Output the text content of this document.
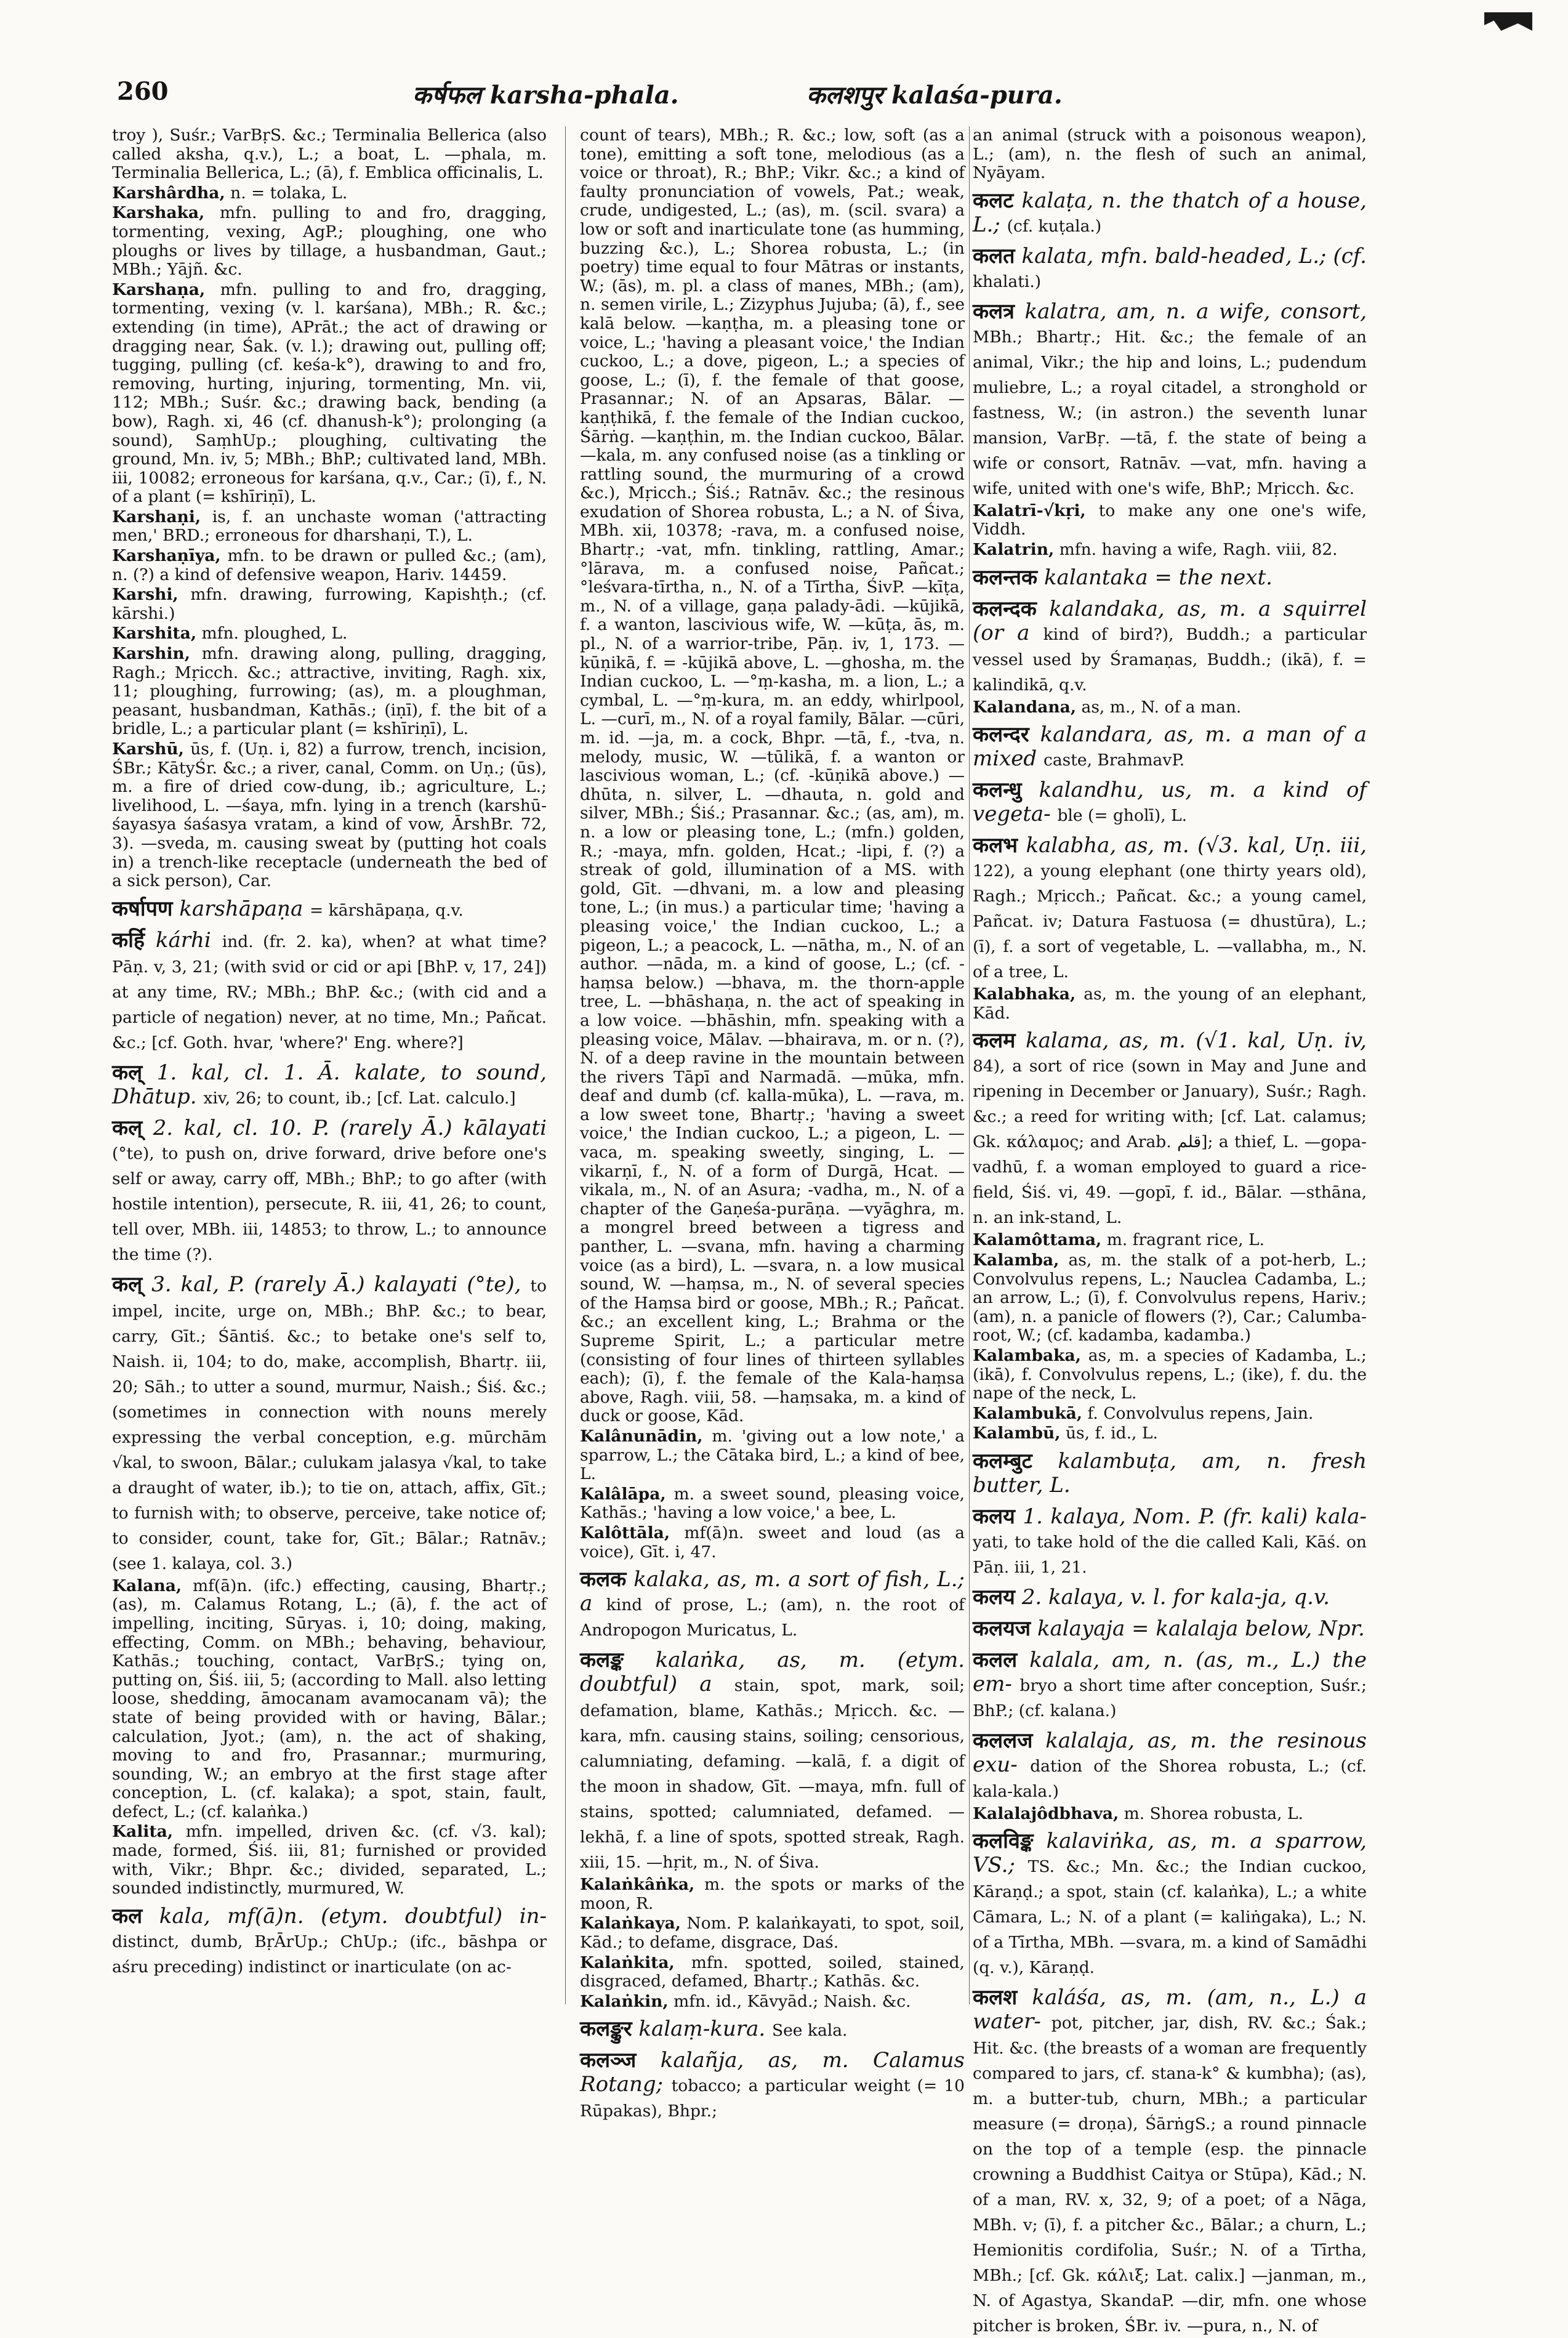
260	कर्षफल karsha-phala.	कलशपुर kalaśa-pura.

troy ), Suśr.; VarBṛS. &c.; Terminalia Bellerica (also called aksha, q.v.), L.; a boat, L. —phala, m. Terminalia Bellerica, L.; (ā), f. Emblica officinalis, L.

Karshârdha, n. = tolaka, L.

Karshaka, mfn. pulling to and fro, dragging, tormenting, vexing, AgP.; ploughing, one who ploughs or lives by tillage, a husbandman, Gaut.; MBh.; Yājñ. &c.

Karshaṇa, mfn. pulling to and fro, dragging, tormenting, vexing (v. l. karśana), MBh.; R. &c.; extending (in time), APrāt.; the act of drawing or dragging near, Śak. (v. l.); drawing out, pulling off; tugging, pulling (cf. keśa-k°), drawing to and fro, removing, hurting, injuring, tormenting, Mn. vii, 112; MBh.; Suśr. &c.; drawing back, bending (a bow), Ragh. xi, 46 (cf. dhanush-k°); prolonging (a sound), SaṃhUp.; ploughing, cultivating the ground, Mn. iv, 5; MBh.; BhP.; cultivated land, MBh. iii, 10082; erroneous for karśana, q.v., Car.; (ī), f., N. of a plant (= kshīriṇī), L.

Karshaṇi, is, f. an unchaste woman ('attracting men,' BRD.; erroneous for dharshaṇi, T.), L.

Karshaṇīya, mfn. to be drawn or pulled &c.; (am), n. (?) a kind of defensive weapon, Hariv. 14459.

Karshi, mfn. drawing, furrowing, Kapishṭh.; (cf. kārshi.)

Karshita, mfn. ploughed, L.

Karshin, mfn. drawing along, pulling, dragging, Ragh.; Mṛicch. &c.; attractive, inviting, Ragh. xix, 11; ploughing, furrowing; (as), m. a ploughman, peasant, husbandman, Kathās.; (iṇī), f. the bit of a bridle, L.; a particular plant (= kshīriṇī), L.

Karshū, ūs, f. (Uṇ. i, 82) a furrow, trench, incision, ŚBr.; KātyŚr. &c.; a river, canal, Comm. on Uṇ.; (ūs), m. a fire of dried cow-dung, ib.; agriculture, L.; livelihood, L. —śaya, mfn. lying in a trench (karshū-śayasya śaśasya vratam, a kind of vow, ĀrshBr. 72, 3). —sveda, m. causing sweat by (putting hot coals in) a trench-like receptacle (underneath the bed of a sick person), Car.

कर्षापण karshāpaṇa = kārshāpaṇa, q.v.

कर्हि kárhi ind. (fr. 2. ka), when? at what time? Pāṇ. v, 3, 21; (with svid or cid or api [BhP. v, 17, 24]) at any time, RV.; MBh.; BhP. &c.; (with cid and a particle of negation) never, at no time, Mn.; Pañcat. &c.; [cf. Goth. hvar, 'where?' Eng. where?]

कल् 1. kal, cl. 1. Ā. kalate, to sound, Dhātup. xiv, 26; to count, ib.; [cf. Lat. calculo.]

कल् 2. kal, cl. 10. P. (rarely Ā.) kālayati (°te), to push on, drive forward, drive before one's self or away, carry off, MBh.; BhP.; to go after (with hostile intention), persecute, R. iii, 41, 26; to count, tell over, MBh. iii, 14853; to throw, L.; to announce the time (?).

कल् 3. kal, P. (rarely Ā.) kalayati (°te), to impel, incite, urge on, MBh.; BhP. &c.; to bear, carry, Gīt.; Śāntiś. &c.; to betake one's self to, Naish. ii, 104; to do, make, accomplish, Bhartṛ. iii, 20; Sāh.; to utter a sound, murmur, Naish.; Śiś. &c.; (sometimes in connection with nouns merely expressing the verbal conception, e.g. mūrchām √kal, to swoon, Bālar.; culukam jalasya √kal, to take a draught of water, ib.); to tie on, attach, affix, Gīt.; to furnish with; to observe, perceive, take notice of; to consider, count, take for, Gīt.; Bālar.; Ratnāv.; (see 1. kalaya, col. 3.)

Kalana, mf(ā)n. (ifc.) effecting, causing, Bhartṛ.; (as), m. Calamus Rotang, L.; (ā), f. the act of impelling, inciting, Sūryas. i, 10; doing, making, effecting, Comm. on MBh.; behaving, behaviour, Kathās.; touching, contact, VarBṛS.; tying on, putting on, Śiś. iii, 5; (according to Mall. also letting loose, shedding, āmocanam avamocanam vā); the state of being provided with or having, Bālar.; calculation, Jyot.; (am), n. the act of shaking, moving to and fro, Prasannar.; murmuring, sounding, W.; an embryo at the first stage after conception, L. (cf. kalaka); a spot, stain, fault, defect, L.; (cf. kalaṅka.)

Kalita, mfn. impelled, driven &c. (cf. √3. kal); made, formed, Śiś. iii, 81; furnished or provided with, Vikr.; Bhpr. &c.; divided, separated, L.; sounded indistinctly, murmured, W.

कल kala, mf(ā)n. (etym. doubtful) in- distinct, dumb, BṛĀrUp.; ChUp.; (ifc., bāshpa or aśru preceding) indistinct or inarticulate (on ac-

count of tears), MBh.; R. &c.; low, soft (as a tone), emitting a soft tone, melodious (as a voice or throat), R.; BhP.; Vikr. &c.; a kind of faulty pronunciation of vowels, Pat.; weak, crude, undigested, L.; (as), m. (scil. svara) a low or soft and inarticulate tone (as humming, buzzing &c.), L.; Shorea robusta, L.; (in poetry) time equal to four Mātras or instants, W.; (ās), m. pl. a class of manes, MBh.; (am), n. semen virile, L.; Zizyphus Jujuba; (ā), f., see kalā below. —kaṇṭha, m. a pleasing tone or voice, L.; 'having a pleasant voice,' the Indian cuckoo, L.; a dove, pigeon, L.; a species of goose, L.; (ī), f. the female of that goose, Prasannar.; N. of an Apsaras, Bālar. —kaṇṭhikā, f. the female of the Indian cuckoo, Śārṅg. —kaṇṭhin, m. the Indian cuckoo, Bālar. —kala, m. any confused noise (as a tinkling or rattling sound, the murmuring of a crowd &c.), Mṛicch.; Śiś.; Ratnāv. &c.; the resinous exudation of Shorea robusta, L.; a N. of Śiva, MBh. xii, 10378; -rava, m. a confused noise, Bhartṛ.; -vat, mfn. tinkling, rattling, Amar.; °lārava, m. a confused noise, Pañcat.; °leśvara-tīrtha, n., N. of a Tīrtha, ŚivP. —kīṭa, m., N. of a village, gaṇa palady-ādi. —kūjikā, f. a wanton, lascivious wife, W. —kūṭa, ās, m. pl., N. of a warrior-tribe, Pāṇ. iv, 1, 173. —kūṇikā, f. = -kūjikā above, L. —ghosha, m. the Indian cuckoo, L. —°ṃ-kasha, m. a lion, L.; a cymbal, L. —°ṃ-kura, m. an eddy, whirlpool, L. —curī, m., N. of a royal family, Bālar. —cūri, m. id. —ja, m. a cock, Bhpr. —tā, f., -tva, n. melody, music, W. —tūlikā, f. a wanton or lascivious woman, L.; (cf. -kūṇikā above.) —dhūta, n. silver, L. —dhauta, n. gold and silver, MBh.; Śiś.; Prasannar. &c.; (as, am), m. n. a low or pleasing tone, L.; (mfn.) golden, R.; -maya, mfn. golden, Hcat.; -lipi, f. (?) a streak of gold, illumination of a MS. with gold, Gīt. —dhvani, m. a low and pleasing tone, L.; (in mus.) a particular time; 'having a pleasing voice,' the Indian cuckoo, L.; a pigeon, L.; a peacock, L. —nātha, m., N. of an author. —nāda, m. a kind of goose, L.; (cf. -haṃsa below.) —bhava, m. the thorn-apple tree, L. —bhāshaṇa, n. the act of speaking in a low voice. —bhāshin, mfn. speaking with a pleasing voice, Mālav. —bhairava, m. or n. (?), N. of a deep ravine in the mountain between the rivers Tāpī and Narmadā. —mūka, mfn. deaf and dumb (cf. kalla-mūka), L. —rava, m. a low sweet tone, Bhartṛ.; 'having a sweet voice,' the Indian cuckoo, L.; a pigeon, L. —vaca, m. speaking sweetly, singing, L. —vikarṇī, f., N. of a form of Durgā, Hcat. —vikala, m., N. of an Asura; -vadha, m., N. of a chapter of the Gaṇeśa-purāṇa. —vyāghra, m. a mongrel breed between a tigress and panther, L. —svana, mfn. having a charming voice (as a bird), L. —svara, n. a low musical sound, W. —haṃsa, m., N. of several species of the Haṃsa bird or goose, MBh.; R.; Pañcat. &c.; an excellent king, L.; Brahma or the Supreme Spirit, L.; a particular metre (consisting of four lines of thirteen syllables each); (ī), f. the female of the Kala-haṃsa above, Ragh. viii, 58. —haṃsaka, m. a kind of duck or goose, Kād.

Kalânunādin, m. 'giving out a low note,' a sparrow, L.; the Cātaka bird, L.; a kind of bee, L.

Kalâlāpa, m. a sweet sound, pleasing voice, Kathās.; 'having a low voice,' a bee, L.

Kalôttāla, mf(ā)n. sweet and loud (as a voice), Gīt. i, 47.

कलक kalaka, as, m. a sort of fish, L.; a kind of prose, L.; (am), n. the root of Andropogon Muricatus, L.

कलङ्क kalaṅka, as, m. (etym. doubtful) a stain, spot, mark, soil; defamation, blame, Kathās.; Mṛicch. &c. —kara, mfn. causing stains, soiling; censorious, calumniating, defaming. —kalā, f. a digit of the moon in shadow, Gīt. —maya, mfn. full of stains, spotted; calumniated, defamed. —lekhā, f. a line of spots, spotted streak, Ragh. xiii, 15. —hṛit, m., N. of Śiva.

Kalaṅkâṅka, m. the spots or marks of the moon, R.

Kalaṅkaya, Nom. P. kalaṅkayati, to spot, soil, Kād.; to defame, disgrace, Daś.

Kalaṅkita, mfn. spotted, soiled, stained, disgraced, defamed, Bhartṛ.; Kathās. &c.

Kalaṅkin, mfn. id., Kāvyād.; Naish. &c.

कलङ्कुर kalaṃ-kura. See kala.

कलञ्ज kalañja, as, m. Calamus Rotang; tobacco; a particular weight (= 10 Rūpakas), Bhpr.;

an animal (struck with a poisonous weapon), L.; (am), n. the flesh of such an animal, Nyāyam.

कलट kalaṭa, n. the thatch of a house, L.; (cf. kuṭala.)

कलत kalata, mfn. bald-headed, L.; (cf. khalati.)

कलत्र kalatra, am, n. a wife, consort, MBh.; Bhartṛ.; Hit. &c.; the female of an animal, Vikr.; the hip and loins, L.; pudendum muliebre, L.; a royal citadel, a stronghold or fastness, W.; (in astron.) the seventh lunar mansion, VarBṛ. —tā, f. the state of being a wife or consort, Ratnāv. —vat, mfn. having a wife, united with one's wife, BhP.; Mṛicch. &c.

Kalatrī-√kṛi, to make any one one's wife, Viddh.

Kalatrin, mfn. having a wife, Ragh. viii, 82.

कलन्तक kalantaka = the next.

कलन्दक kalandaka, as, m. a squirrel (or a kind of bird?), Buddh.; a particular vessel used by Śramaṇas, Buddh.; (ikā), f. = kalindikā, q.v.

Kalandana, as, m., N. of a man.

कलन्दर kalandara, as, m. a man of a mixed caste, BrahmavP.

कलन्धु kalandhu, us, m. a kind of vegeta- ble (= gholī), L.

कलभ kalabha, as, m. (√3. kal, Uṇ. iii, 122), a young elephant (one thirty years old), Ragh.; Mṛicch.; Pañcat. &c.; a young camel, Pañcat. iv; Datura Fastuosa (= dhustūra), L.; (ī), f. a sort of vegetable, L. —vallabha, m., N. of a tree, L.

Kalabhaka, as, m. the young of an elephant, Kād.

कलम kalama, as, m. (√1. kal, Uṇ. iv, 84), a sort of rice (sown in May and June and ripening in December or January), Suśr.; Ragh. &c.; a reed for writing with; [cf. Lat. calamus; Gk. κάλαμος; and Arab. قلم]; a thief, L. —gopa-vadhū, f. a woman employed to guard a rice-field, Śiś. vi, 49. —gopī, f. id., Bālar. —sthāna, n. an ink-stand, L.

Kalamôttama, m. fragrant rice, L.

Kalamba, as, m. the stalk of a pot-herb, L.; Convolvulus repens, L.; Nauclea Cadamba, L.; an arrow, L.; (ī), f. Convolvulus repens, Hariv.; (am), n. a panicle of flowers (?), Car.; Calumba-root, W.; (cf. kadamba, kadamba.)

Kalambaka, as, m. a species of Kadamba, L.; (ikā), f. Convolvulus repens, L.; (ike), f. du. the nape of the neck, L.

Kalambukā, f. Convolvulus repens, Jain.

Kalambū, ūs, f. id., L.

कलम्बुट kalambuṭa, am, n. fresh butter, L.

कलय 1. kalaya, Nom. P. (fr. kali) kala- yati, to take hold of the die called Kali, Kāś. on Pāṇ. iii, 1, 21.

कलय 2. kalaya, v. l. for kala-ja, q.v.

कलयज kalayaja = kalalaja below, Npr.

कलल kalala, am, n. (as, m., L.) the em- bryo a short time after conception, Suśr.; BhP.; (cf. kalana.)

कललज kalalaja, as, m. the resinous exu- dation of the Shorea robusta, L.; (cf. kala-kala.)

Kalalajôdbhava, m. Shorea robusta, L.

कलविङ्क kalaviṅka, as, m. a sparrow, VS.; TS. &c.; Mn. &c.; the Indian cuckoo, Kāraṇḍ.; a spot, stain (cf. kalaṅka), L.; a white Cāmara, L.; N. of a plant (= kaliṅgaka), L.; N. of a Tīrtha, MBh. —svara, m. a kind of Samādhi (q. v.), Kāraṇḍ.

कलश kaláśa, as, m. (am, n., L.) a water- pot, pitcher, jar, dish, RV. &c.; Śak.; Hit. &c. (the breasts of a woman are frequently compared to jars, cf. stana-k° & kumbha); (as), m. a butter-tub, churn, MBh.; a particular measure (= droṇa), ŚārṅgS.; a round pinnacle on the top of a temple (esp. the pinnacle crowning a Buddhist Caitya or Stūpa), Kād.; N. of a man, RV. x, 32, 9; of a poet; of a Nāga, MBh. v; (ī), f. a pitcher &c., Bālar.; a churn, L.; Hemionitis cordifolia, Suśr.; N. of a Tīrtha, MBh.; [cf. Gk. κάλιξ; Lat. calix.] —janman, m., N. of Agastya, SkandaP. —dir, mfn. one whose pitcher is broken, ŚBr. iv. —pura, n., N. of
